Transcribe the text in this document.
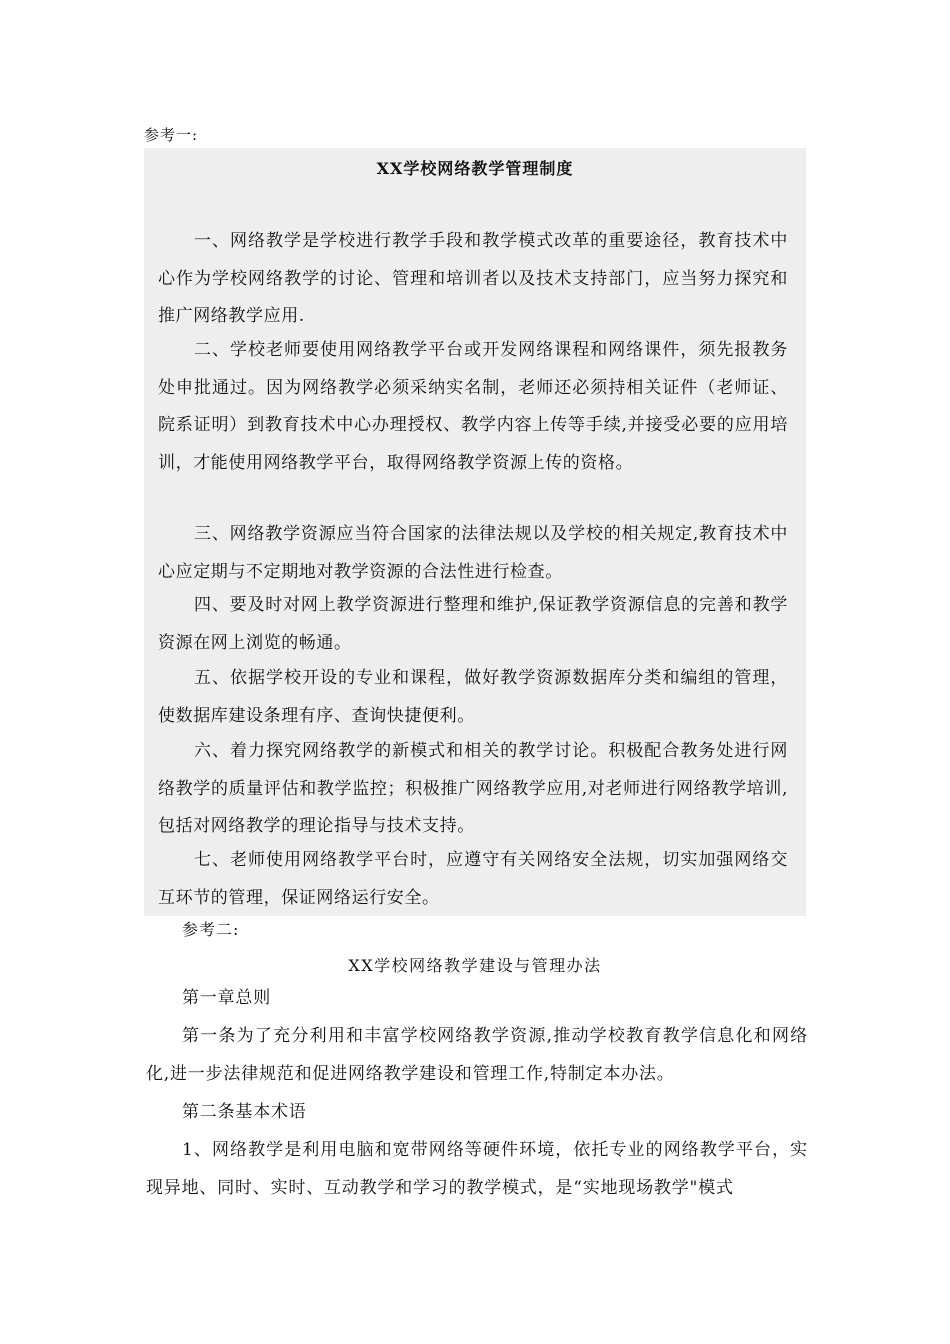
参考一:
XX学校网络教学管理制度
一、网络教学是学校进行教学手段和教学模式改革的重要途径，教育技术中心作为学校网络教学的讨论、管理和培训者以及技术支持部门，应当努力探究和推广网络教学应用.
二、学校老师要使用网络教学平台或开发网络课程和网络课件，须先报教务处申批通过。因为网络教学必须采纳实名制，老师还必须持相关证件（老师证、院系证明）到教育技术中心办理授权、教学内容上传等手续,并接受必要的应用培训，才能使用网络教学平台，取得网络教学资源上传的资格。
三、网络教学资源应当符合国家的法律法规以及学校的相关规定,教育技术中心应定期与不定期地对教学资源的合法性进行检查。
四、要及时对网上教学资源进行整理和维护,保证教学资源信息的完善和教学资源在网上浏览的畅通。
五、依据学校开设的专业和课程，做好教学资源数据库分类和编组的管理，使数据库建设条理有序、查询快捷便利。
六、着力探究网络教学的新模式和相关的教学讨论。积极配合教务处进行网络教学的质量评估和教学监控；积极推广网络教学应用,对老师进行网络教学培训,包括对网络教学的理论指导与技术支持。
七、老师使用网络教学平台时，应遵守有关网络安全法规，切实加强网络交互环节的管理，保证网络运行安全。
参考二:
XX学校网络教学建设与管理办法
第一章总则
第一条为了充分利用和丰富学校网络教学资源,推动学校教育教学信息化和网络化,进一步法律规范和促进网络教学建设和管理工作,特制定本办法。
第二条基本术语
1、网络教学是利用电脑和宽带网络等硬件环境，依托专业的网络教学平台，实现异地、同时、实时、互动教学和学习的教学模式，是“实地现场教学"模式
